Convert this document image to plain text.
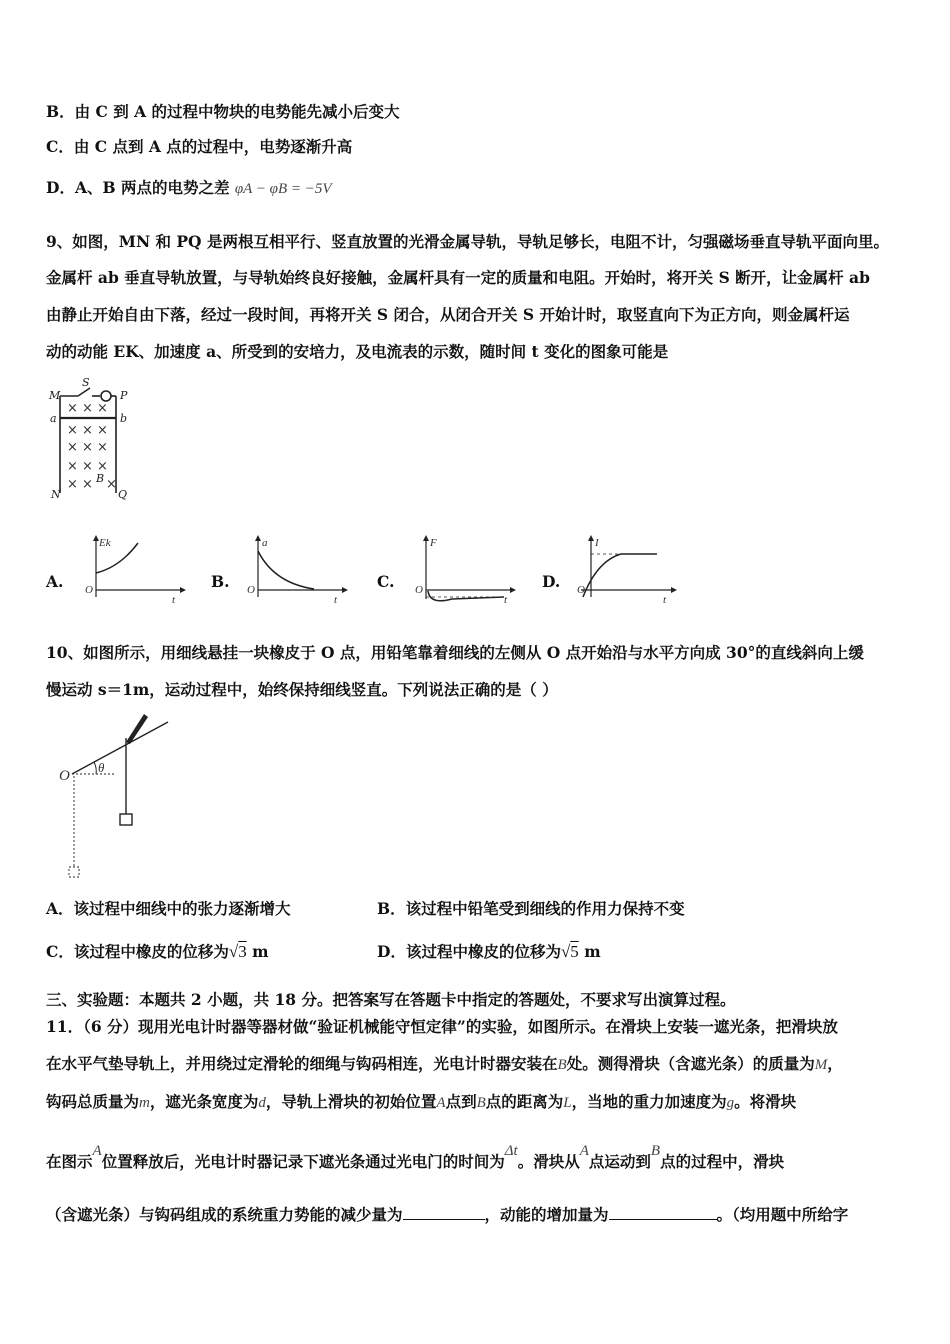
B．由 C 到 A 的过程中物块的电势能先减小后变大
C．由 C 点到 A 点的过程中，电势逐渐升高
D．A、B 两点的电势之差 φA − φB = −5V
9、如图，MN 和 PQ 是两根互相平行、竖直放置的光滑金属导轨，导轨足够长，电阻不计，匀强磁场垂直导轨平面向里。
金属杆 ab 垂直导轨放置，与导轨始终良好接触，金属杆具有一定的质量和电阻。开始时，将开关 S 断开，让金属杆 ab
由静止开始自由下落，经过一段时间，再将开关 S 闭合，从闭合开关 S 开始计时，取竖直向下为正方向，则金属杆运
动的动能 EK、加速度 a、所受到的安培力，及电流表的示数，随时间 t 变化的图象可能是
× × ×
× × ×
× × ×
× × ×
× × ×
M
S
P
a	b
B
N	Q
A.
Ek
O
t
B.
a
O
t
C.
F
O
t
D.
I
O
t
10、如图所示，用细线悬挂一块橡皮于 O 点，用铅笔靠着细线的左侧从 O 点开始沿与水平方向成 30°的直线斜向上缓
慢运动 s＝1m，运动过程中，始终保持细线竖直。下列说法正确的是（ ）
O
θ
A．该过程中细线中的张力逐渐增大	B．该过程中铅笔受到细线的作用力保持不变
C．该过程中橡皮的位移为√3 m	D．该过程中橡皮的位移为√5 m
三、实验题：本题共 2 小题，共 18 分。把答案写在答题卡中指定的答题处，不要求写出演算过程。
11．（6 分）现用光电计时器等器材做“验证机械能守恒定律”的实验，如图所示。在滑块上安装一遮光条，把滑块放
在水平气垫导轨上，并用绕过定滑轮的细绳与钩码相连，光电计时器安装在B处。测得滑块（含遮光条）的质量为M，
钩码总质量为m，遮光条宽度为d，导轨上滑块的初始位置A点到B点的距离为L，当地的重力加速度为g。将滑块
在图示A位置释放后，光电计时器记录下遮光条通过光电门的时间为Δt。滑块从A点运动到B点的过程中，滑块
（含遮光条）与钩码组成的系统重力势能的减少量为	，动能的增加量为	。（均用题中所给字
